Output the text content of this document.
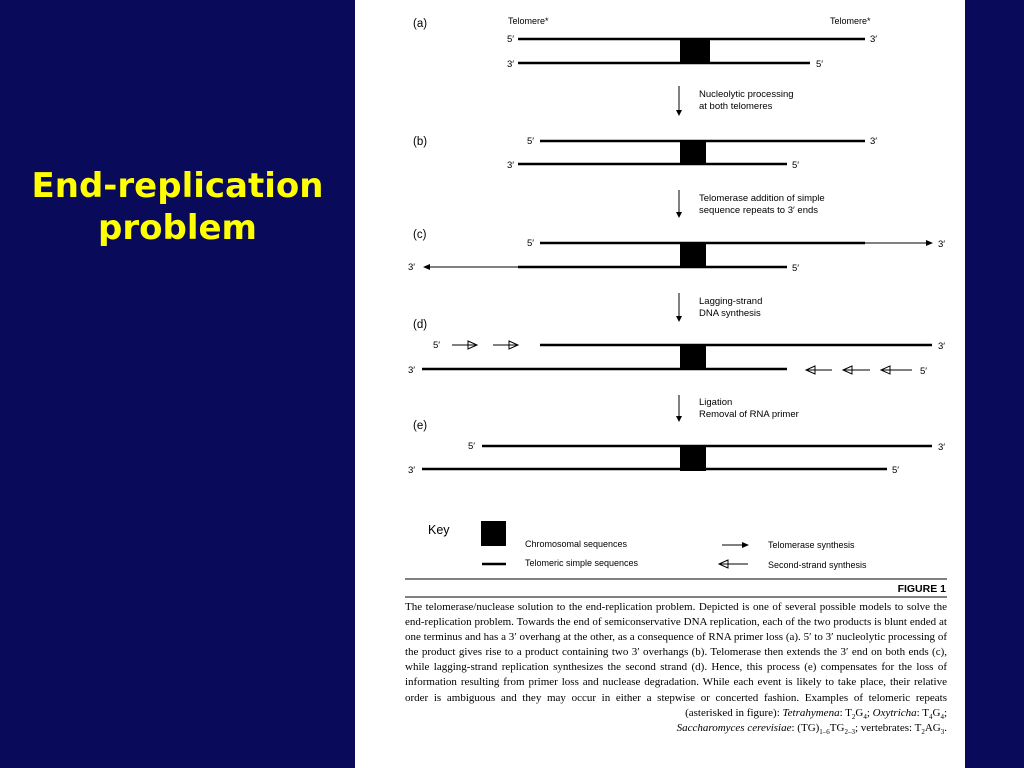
End-replication
problem
(a)	Telomere*	Telomere*
5′	3′
3′	5′
Nucleolytic processing
at both telomeres
(b)	5′	3′
3′	5′
Telomerase addition of simple
sequence repeats to 3′ ends
(c)
5′	3′
3′	5′
Lagging-strand
DNA synthesis
(d)
5′	3′
3′	5′
Ligation
Removal of RNA primer
(e)
5′	3′
3′	5′
Key
Chromosomal sequences
Telomeric simple sequences
Telomerase synthesis
Second-strand synthesis
FIGURE 1
The telomerase/nuclease solution to the end-replication problem. Depicted is one of several possible models to solve the end-replication problem. Towards the end of semiconservative DNA replication, each of the two products is blunt ended at one terminus and has a 3′ overhang at the other, as a consequence of RNA primer loss (a). 5′ to 3′ nucleolytic processing of the product gives rise to a product containing two 3′ overhangs (b). Telomerase then extends the 3′ end on both ends (c), while lagging-strand replication synthesizes the second strand (d). Hence, this process (e) compensates for the loss of information resulting from primer loss and nuclease degradation. While each event is likely to take place, their relative order is ambiguous and they may occur in either a stepwise or concerted fashion. Examples of telomeric repeats (asterisked in figure): Tetrahymena: $T_2G_4$; Oxytricha: $T_4G_4$;
Saccharomyces cerevisiae: $(TG)_{1-6}TG_{2-3}$; vertebrates: $T_2AG_3$.
